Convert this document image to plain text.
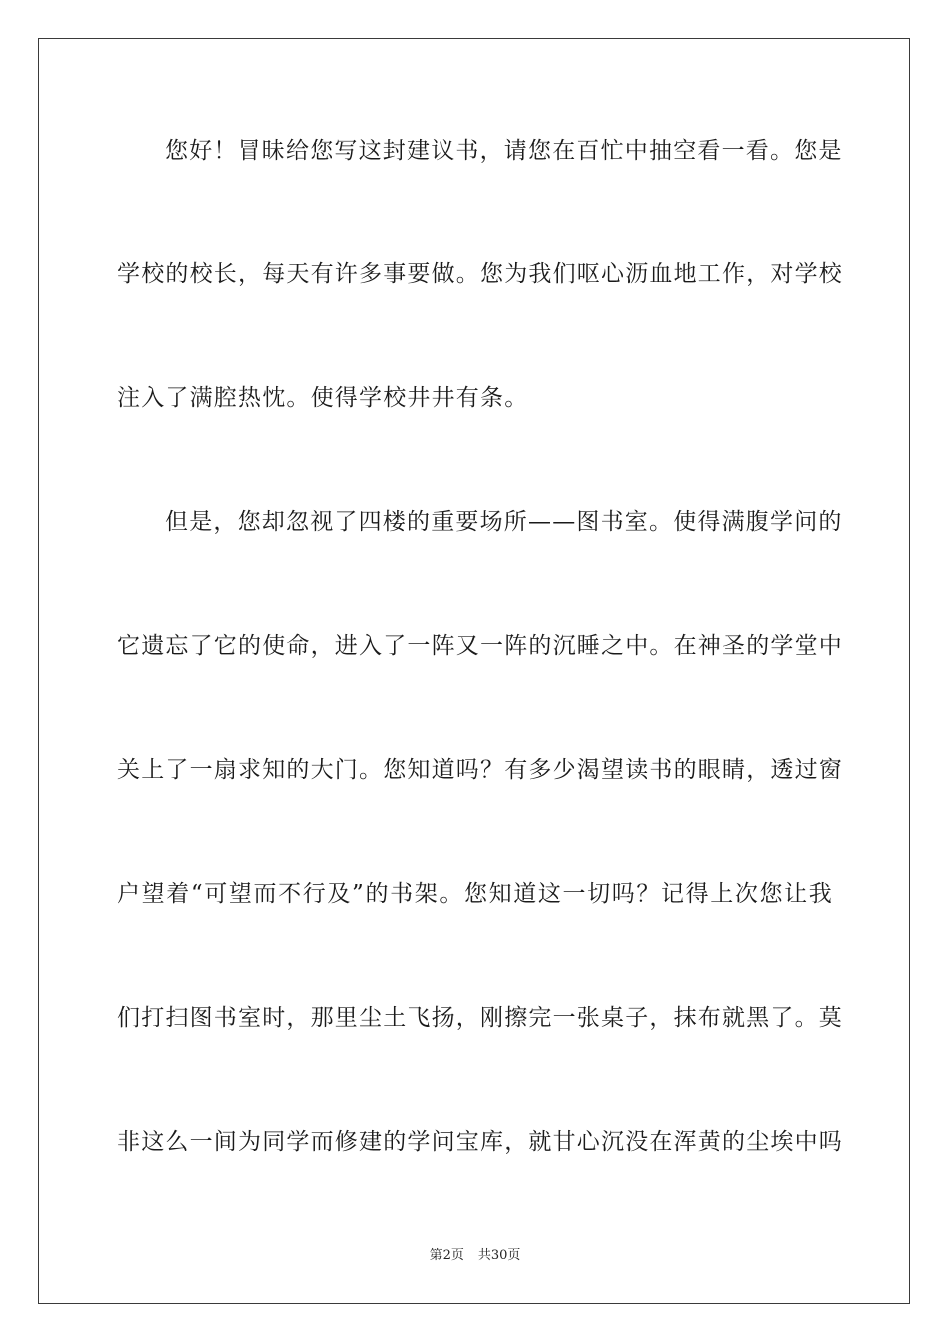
您好！冒昧给您写这封建议书，请您在百忙中抽空看一看。您是
学校的校长，每天有许多事要做。您为我们呕心沥血地工作，对学校
注入了满腔热忱。使得学校井井有条。
但是，您却忽视了四楼的重要场所——图书室。使得满腹学问的
它遗忘了它的使命，进入了一阵又一阵的沉睡之中。在神圣的学堂中
关上了一扇求知的大门。您知道吗？有多少渴望读书的眼睛，透过窗
户望着“可望而不行及”的书架。您知道这一切吗？记得上次您让我
们打扫图书室时，那里尘土飞扬，刚擦完一张桌子，抹布就黑了。莫
非这么一间为同学而修建的学问宝库，就甘心沉没在浑黄的尘埃中吗
第2页 共30页
